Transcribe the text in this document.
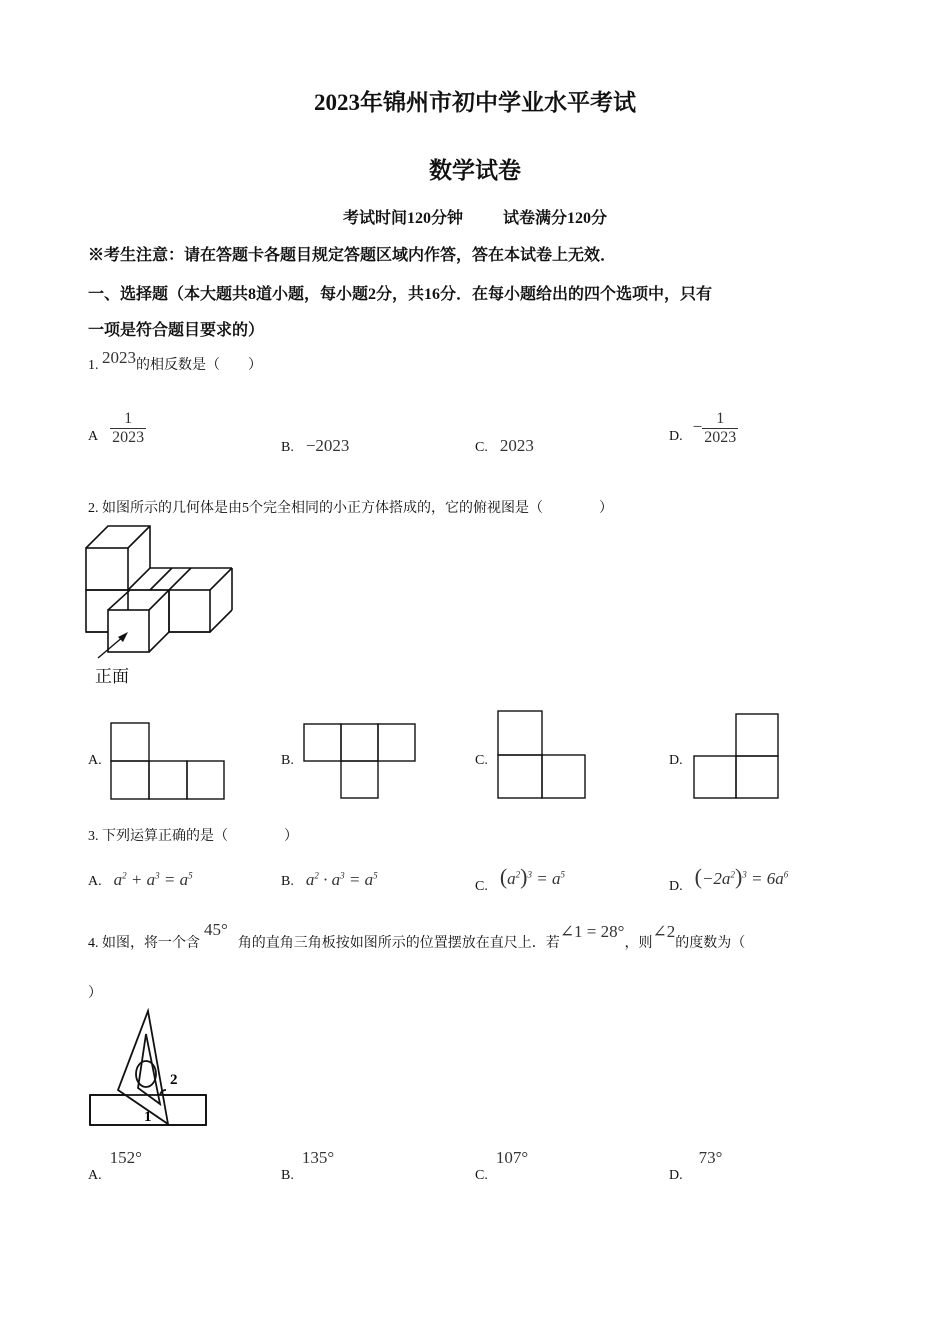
2023年锦州市初中学业水平考试
数学试卷
考试时间120分钟	试卷满分120分
※考生注意：请在答题卡各题目规定答题区域内作答，答在本试卷上无效．
一、选择题（本大题共8道小题，每小题2分，共16分．在每小题给出的四个选项中，只有
一项是符合题目要求的）
1. 2023的相反数是（　　）
A $\frac{1}{2023}$
B. −2023	C. 2023	D. − $\frac{1}{2023}$
2. 如图所示的几何体是由5个完全相同的小正方体搭成的，它的俯视图是（　　　　）
正面
A.	B.	C.	D.
3. 下列运算正确的是（　　　　）
A. $a^2 + a^3 = a^5$	B. $a^2 \cdot a^3 = a^5$
C. $(a^2)^3 = a^5$
D. $(-2a^2)^3 = 6a^6$
4. 如图，将一个含45°角的直角三角板按如图所示的位置摆放在直尺上．若∠1 = 28°，则∠2的度数为（
）
2
1
A. 152°
B. 135°
C. 107°
D. 73°
